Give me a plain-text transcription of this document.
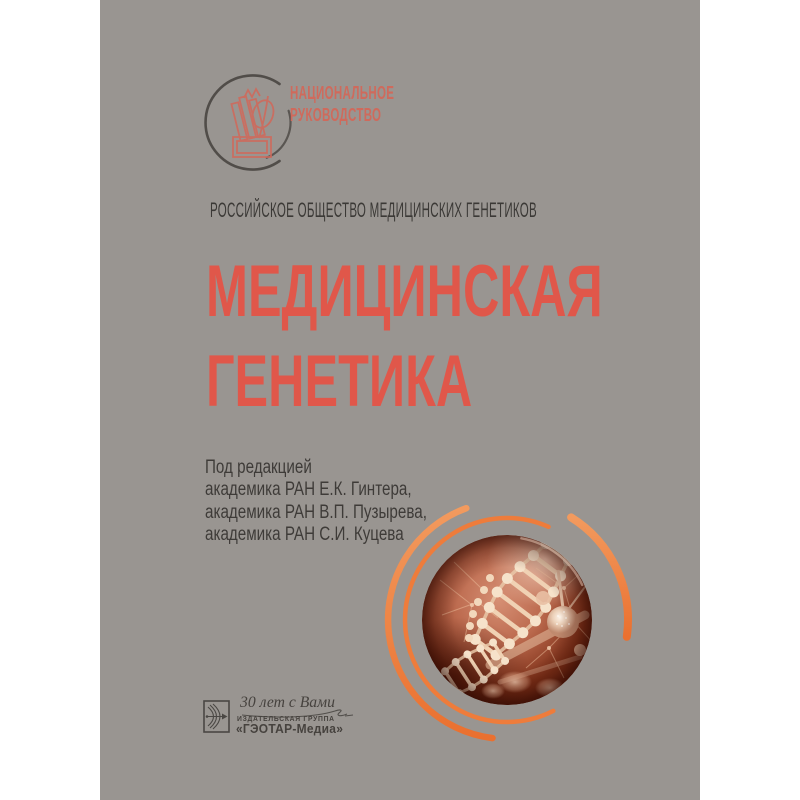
НАЦИОНАЛЬНОЕ
РУКОВОДСТВО
РОССИЙСКОЕ ОБЩЕСТВО МЕДИЦИНСКИХ ГЕНЕТИКОВ
МЕДИЦИНСКАЯ
ГЕНЕТИКА
Под редакцией
академика РАН Е.К. Гинтера,
академика РАН В.П. Пузырева,
академика РАН С.И. Куцева
30 лет с Вами
ИЗДАТЕЛЬСКАЯ ГРУППА
«ГЭОТАР-Медиа»
